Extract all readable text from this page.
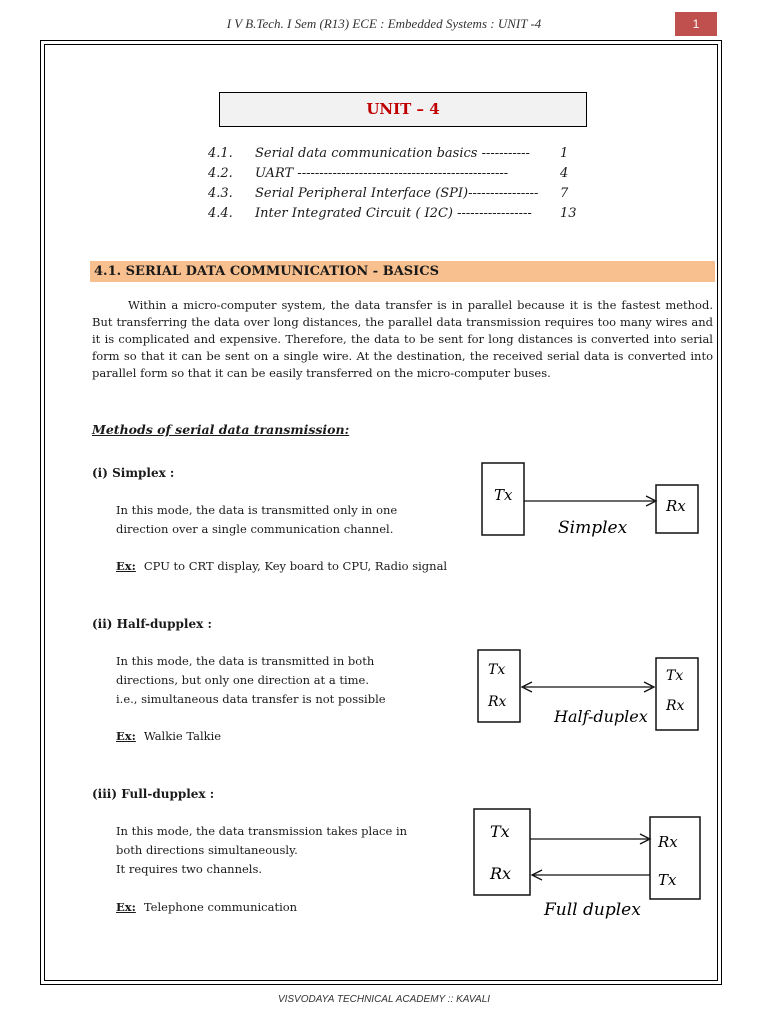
I V B.Tech. I Sem (R13) ECE : Embedded Systems : UNIT -4	1
UNIT – 4
4.1. Serial data communication basics ----------- 1
4.2. UART ------------------------------------------------	4
4.3. Serial Peripheral Interface (SPI)---------------- 7
4.4. Inter Integrated Circuit ( I2C) ----------------- 13
4.1. SERIAL DATA COMMUNICATION - BASICS

Within a micro-computer system, the data transfer is in parallel because it is the fastest method. But transferring the data over long distances, the parallel data transmission requires too many wires and it is complicated and expensive. Therefore, the data to be sent for long distances is converted into serial form so that it can be sent on a single wire. At the destination, the received serial data is converted into parallel form so that it can be easily transferred on the micro-computer buses.

Methods of serial data transmission:
(i) Simplex :
In this mode, the data is transmitted only in one
direction over a single communication channel.
Ex: CPU to CRT display, Key board to CPU, Radio signal
Tx
Rx
Simplex
(ii) Half-dupplex :
In this mode, the data is transmitted in both
directions, but only one direction at a time.
i.e., simultaneous data transfer is not possible
Ex: Walkie Talkie
Tx
Rx
Tx
Rx
Half-duplex
(iii) Full-dupplex :
In this mode, the data transmission takes place in
both directions simultaneously.
It requires two channels.
Ex: Telephone communication
Tx
Rx
Rx
Tx
Full duplex
VISVODAYA TECHNICAL ACADEMY :: KAVALI
